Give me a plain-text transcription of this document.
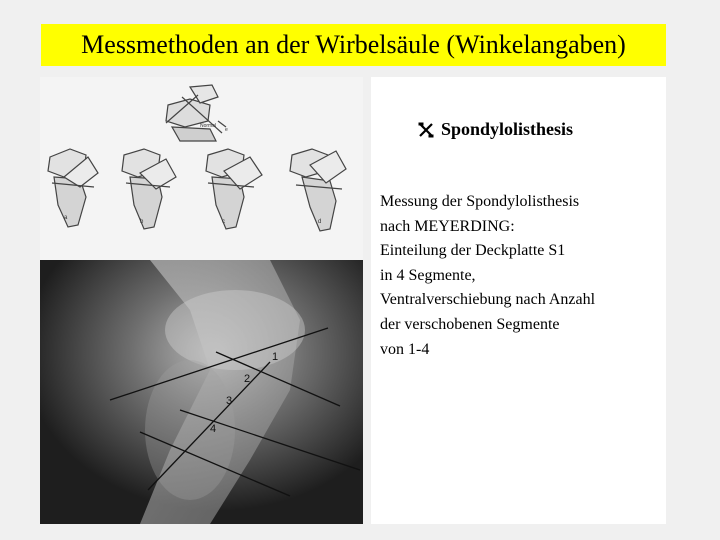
Messmethoden an der Wirbelsäule (Winkelangaben)
Normal
e
a
b	c	d
1
2
3
4
Spondylolisthesis
Messung der Spondylolisthesis
nach MEYERDING:
Einteilung der Deckplatte S1
in 4 Segmente,
Ventralverschiebung nach Anzahl
der verschobenen Segmente
von 1-4
